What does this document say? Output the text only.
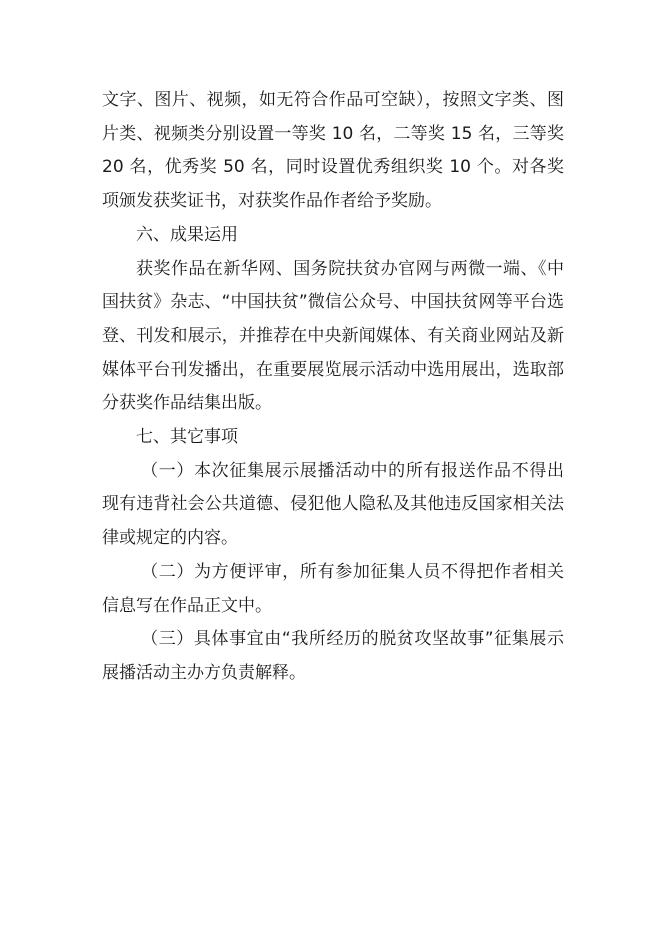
文字、图片、视频，如无符合作品可空缺），按照文字类、图片类、视频类分别设置一等奖 10 名，二等奖 15 名，三等奖 20 名，优秀奖 50 名，同时设置优秀组织奖 10 个。对各奖项颁发获奖证书，对获奖作品作者给予奖励。

六、成果运用

获奖作品在新华网、国务院扶贫办官网与两微一端、《中国扶贫》杂志、“中国扶贫”微信公众号、中国扶贫网等平台选登、刊发和展示，并推荐在中央新闻媒体、有关商业网站及新媒体平台刊发播出，在重要展览展示活动中选用展出，选取部分获奖作品结集出版。

七、其它事项

（一）本次征集展示展播活动中的所有报送作品不得出现有违背社会公共道德、侵犯他人隐私及其他违反国家相关法律或规定的内容。

（二）为方便评审，所有参加征集人员不得把作者相关信息写在作品正文中。

（三）具体事宜由“我所经历的脱贫攻坚故事”征集展示展播活动主办方负责解释。
